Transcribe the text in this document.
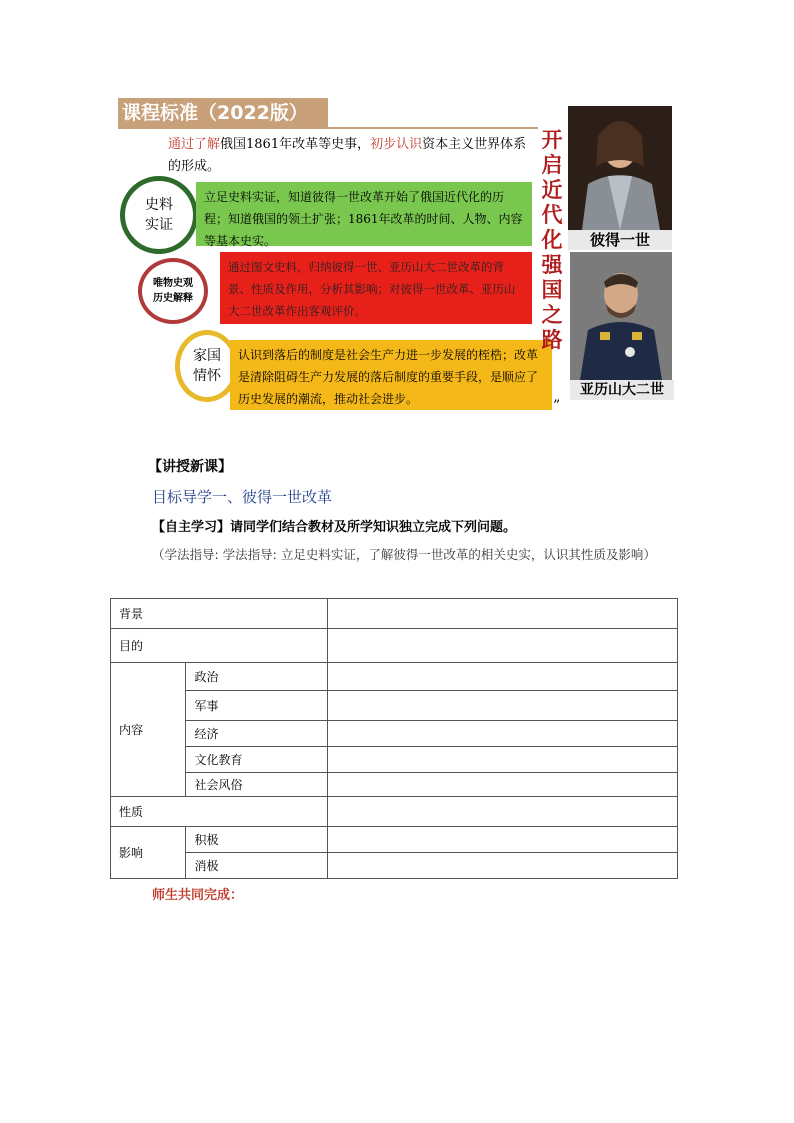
课程标准（2022版）
通过了解俄国1861年改革等史事，初步认识资本主义世界体系的形成。
史料
实证
立足史料实证，知道彼得一世改革开始了俄国近代化的历程；知道俄国的领土扩张；1861年改革的时间、人物、内容等基本史实。
唯物史观
历史解释
通过图文史料，归纳彼得一世、亚历山大二世改革的背景、性质及作用，分析其影响；对彼得一世改革、亚历山大二世改革作出客观评价。
家国
情怀
认识到落后的制度是社会生产力进一步发展的桎梏；改革是清除阻碍生产力发展的落后制度的重要手段，是顺应了历史发展的潮流，推动社会进步。	”
开启近代化强国之路
彼得一世
亚历山大二世
【讲授新课】
目标导学一、彼得一世改革
【自主学习】请同学们结合教材及所学知识独立完成下列问题。
（学法指导: 学法指导: 立足史料实证，了解彼得一世改革的相关史实，认识其性质及影响）
背景		
目的		
内容	政治	
	军事	
	经济	
	文化教育	
	社会风俗	
性质		
影响	积极	
	消极	
师生共同完成：
